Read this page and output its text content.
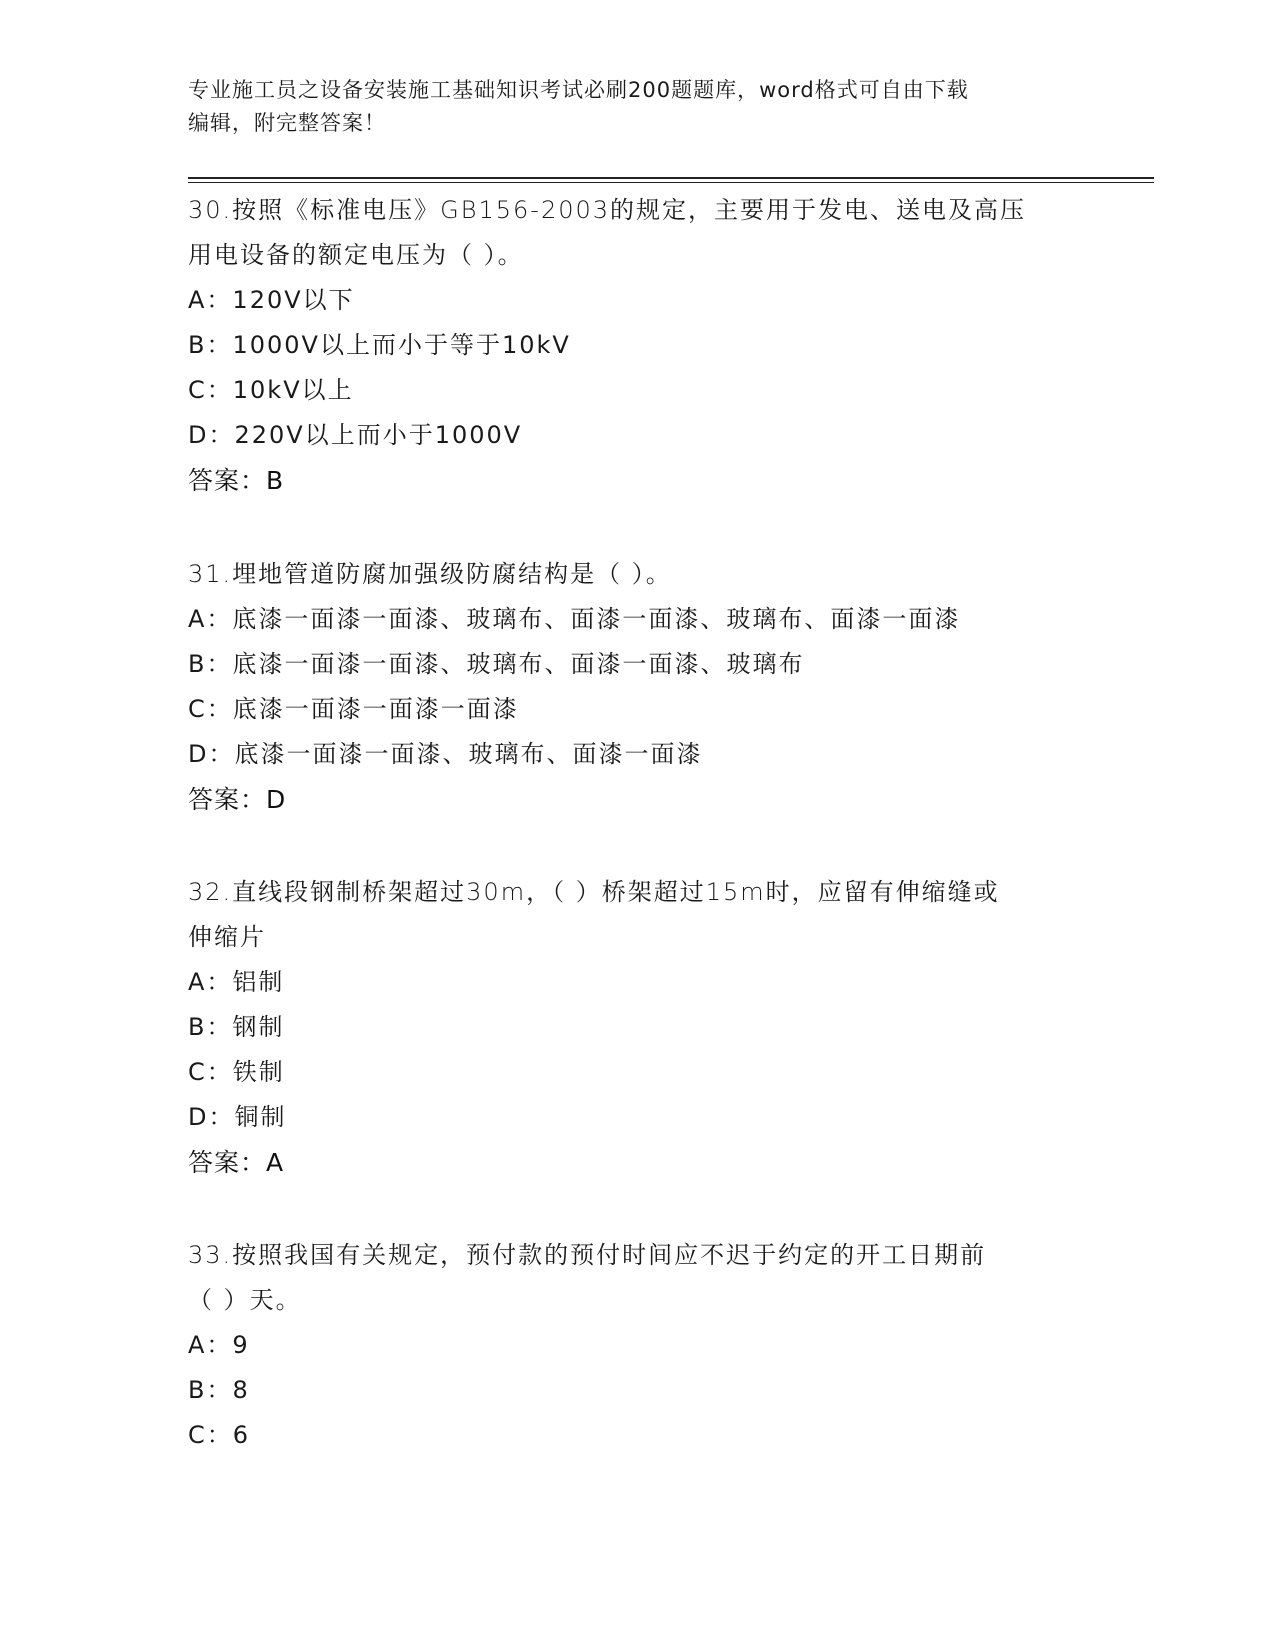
专业施工员之设备安装施工基础知识考试必刷200题题库，word格式可自由下载
编辑，附完整答案！

30.按照《标准电压》GB156-2003的规定，主要用于发电、送电及高压

用电设备的额定电压为（ ）。

A：120V以下

B：1000V以上而小于等于10kV

C：10kV以上

D：220V以上而小于1000V

答案：B

31.埋地管道防腐加强级防腐结构是（ ）。

A：底漆一面漆一面漆、玻璃布、面漆一面漆、玻璃布、面漆一面漆

B：底漆一面漆一面漆、玻璃布、面漆一面漆、玻璃布

C：底漆一面漆一面漆一面漆

D：底漆一面漆一面漆、玻璃布、面漆一面漆

答案：D

32.直线段钢制桥架超过30m，（ ）桥架超过15m时，应留有伸缩缝或

伸缩片

A：铝制

B：钢制

C：铁制

D：铜制

答案：A

33.按照我国有关规定，预付款的预付时间应不迟于约定的开工日期前

（ ）天。

A：9

B：8

C：6
